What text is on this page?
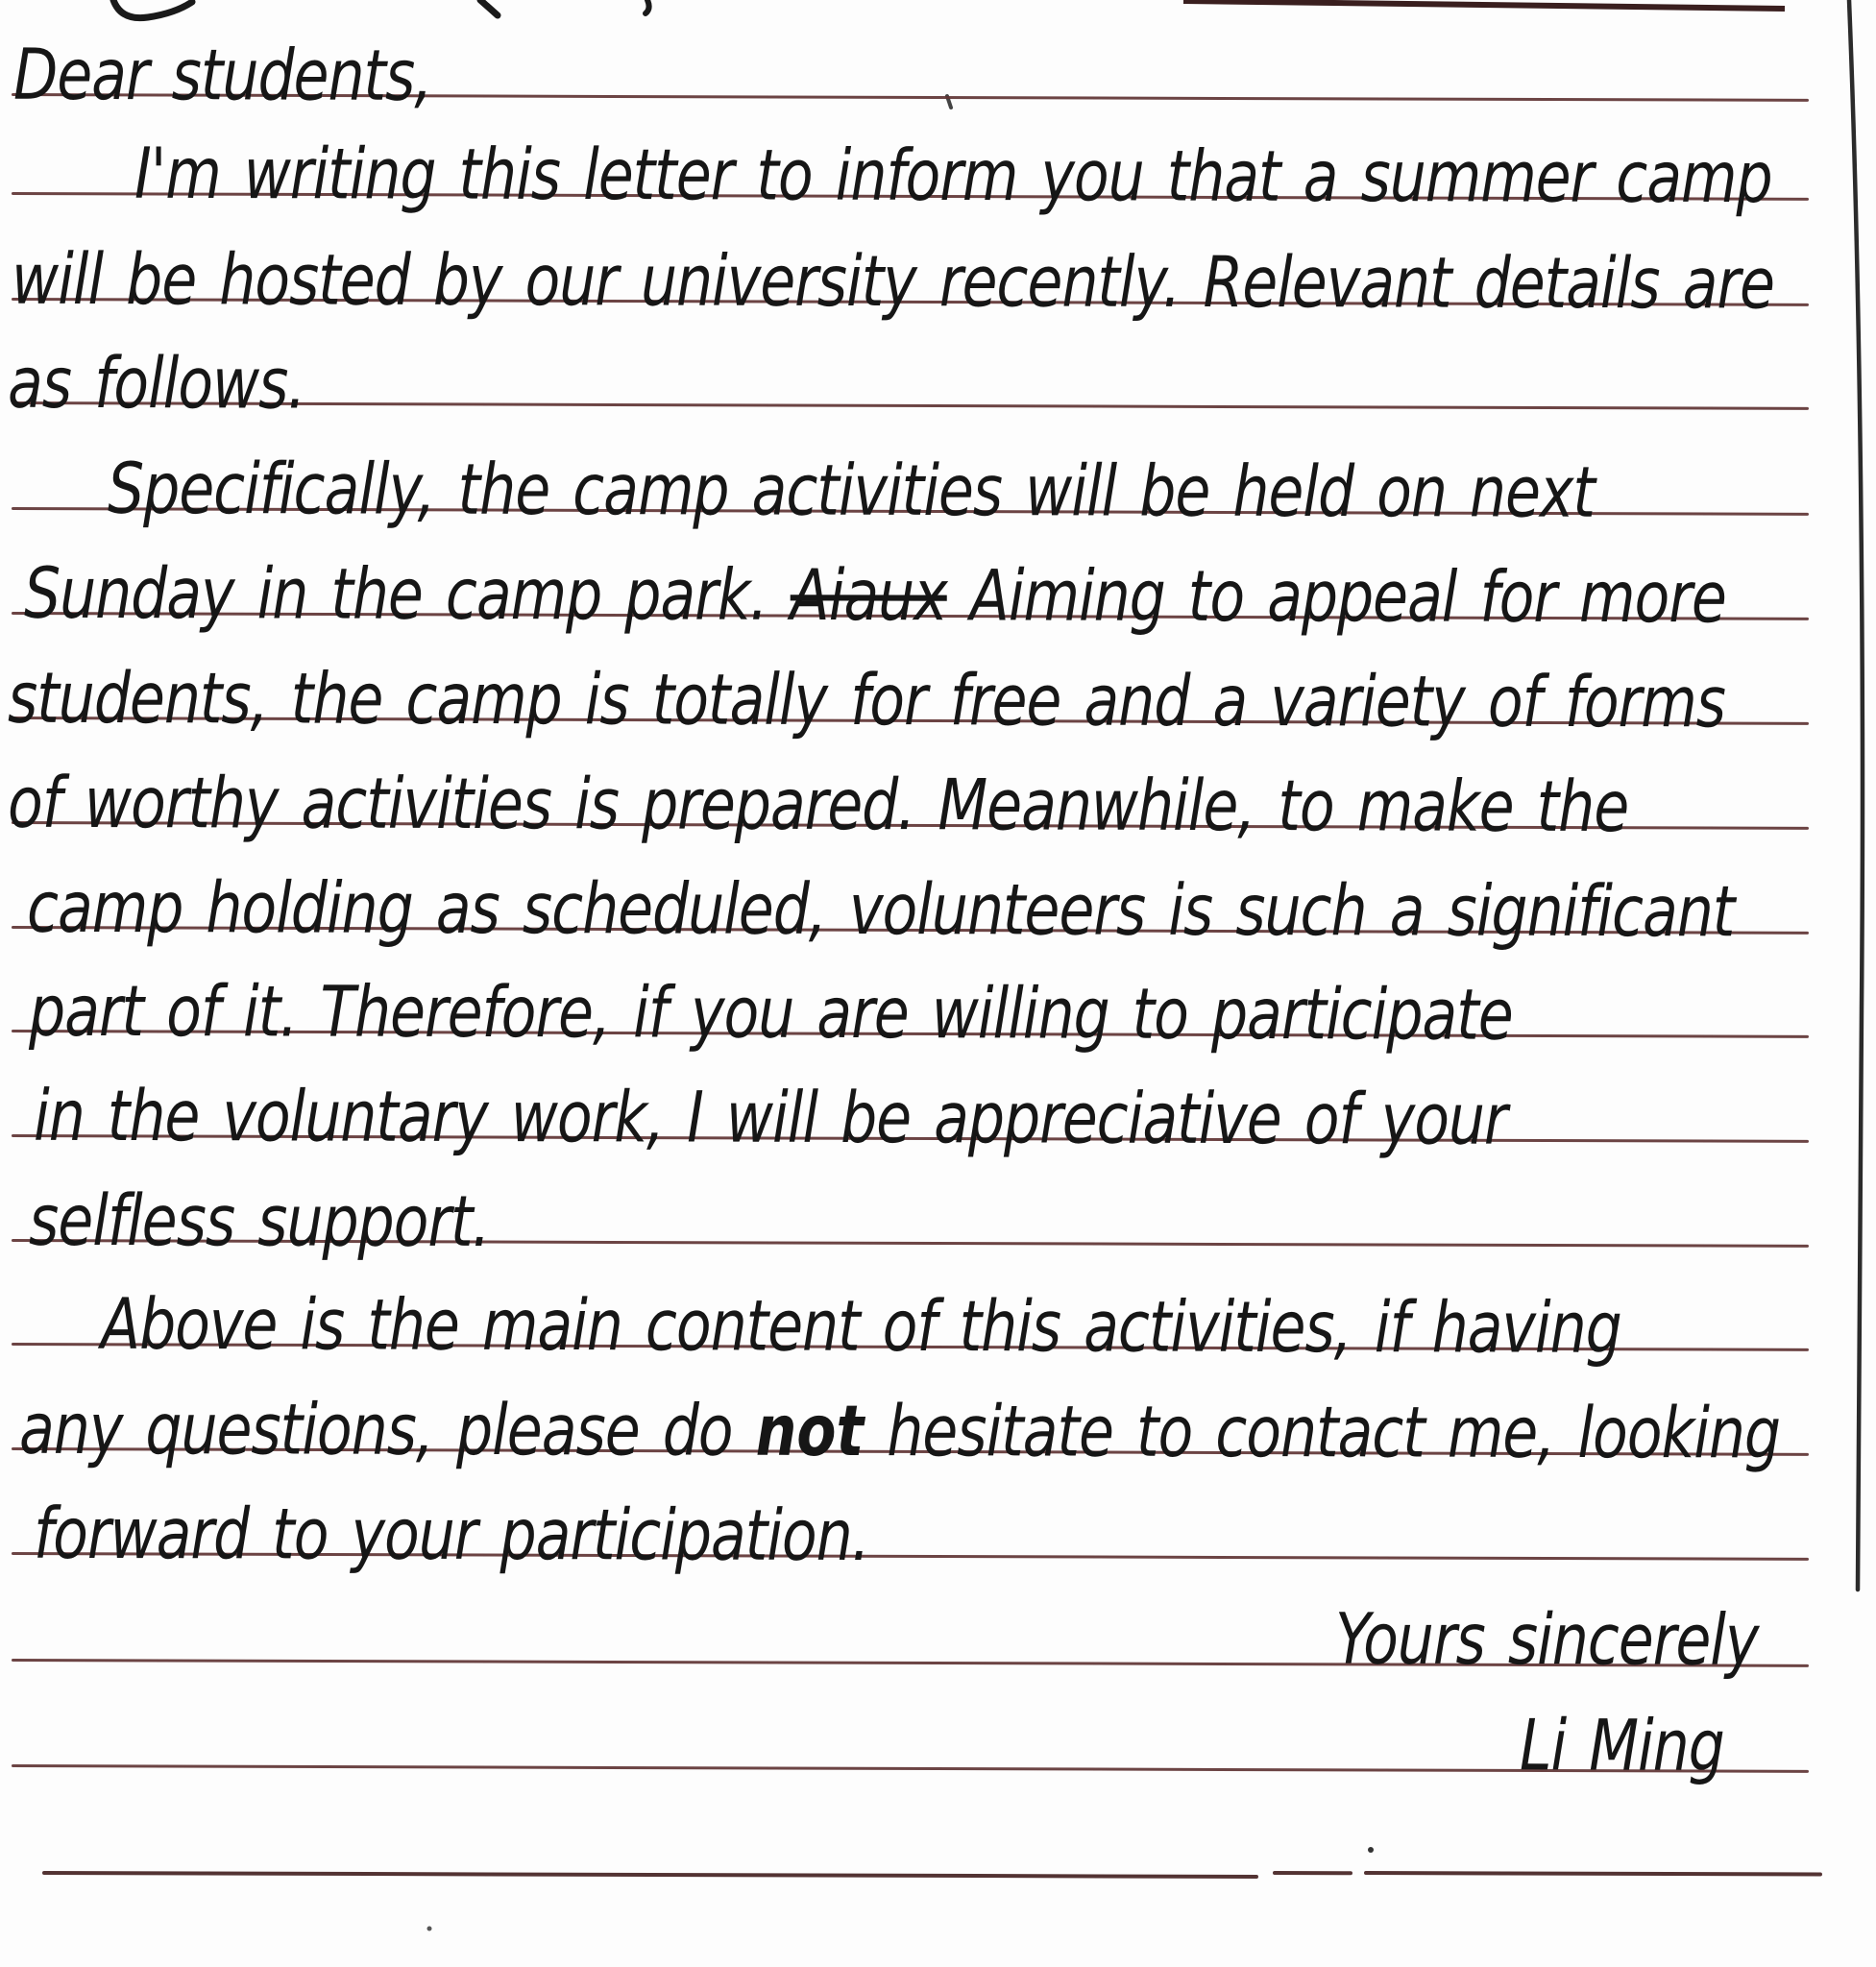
Dear students,
I'm writing this letter to inform you that a summer camp
will be hosted by our university recently. Relevant details are
as follows.
Specifically, the camp activities will be held on next
Sunday in the camp park. Aiaux Aiming to appeal for more
students, the camp is totally for free and a variety of forms
of worthy activities is prepared. Meanwhile, to make the
camp holding as scheduled, volunteers is such a significant
part of it. Therefore, if you are willing to participate
in the voluntary work, I will be appreciative of your
selfless support.
Above is the main content of this activities, if having
any questions, please do not hesitate to contact me, looking
forward to your participation.
Yours sincerely
Li Ming
